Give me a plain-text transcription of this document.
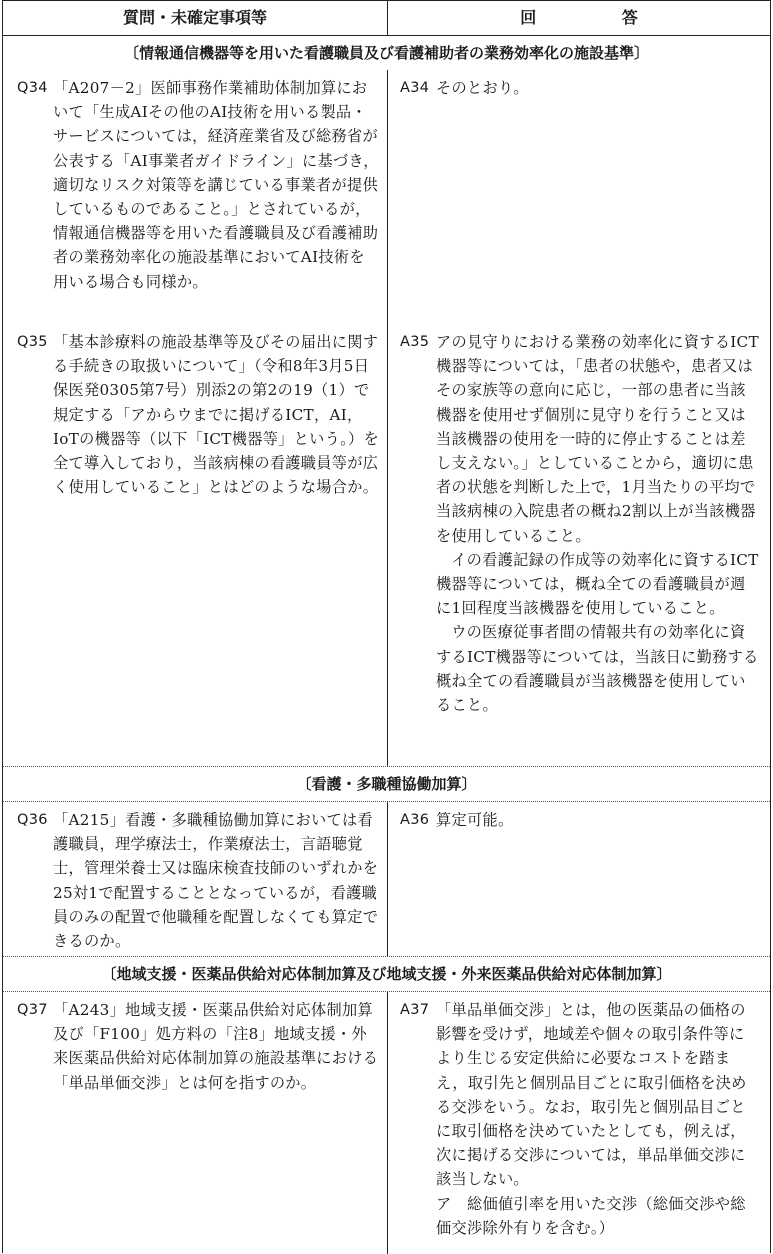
質問・未確定事項等	回 答
〔情報通信機器等を用いた看護職員及び看護補助者の業務効率化の施設基準〕
Q34 「A207－2」医師事務作業補助体制加算において「生成AIその他のAI技術を用いる製品・サービスについては，経済産業省及び総務省が公表する「AI事業者ガイドライン」に基づき，適切なリスク対策等を講じている事業者が提供しているものであること。」とされているが，情報通信機器等を用いた看護職員及び看護補助者の業務効率化の施設基準においてAI技術を用いる場合も同様か。
A34 そのとおり。
Q35 「基本診療料の施設基準等及びその届出に関する手続きの取扱いについて」（令和8年3月5日保医発0305第7号）別添2の第2の19（1）で規定する「アからウまでに掲げるICT，AI，IoTの機器等（以下「ICT機器等」という。）を全て導入しており，当該病棟の看護職員等が広く使用していること」とはどのような場合か。
A35 アの見守りにおける業務の効率化に資するICT機器等については，「患者の状態や，患者又はその家族等の意向に応じ，一部の患者に当該機器を使用せず個別に見守りを行うこと又は当該機器の使用を一時的に停止することは差し支えない。」としていることから，適切に患者の状態を判断した上で，1月当たりの平均で当該病棟の入院患者の概ね2割以上が当該機器を使用していること。
イの看護記録の作成等の効率化に資するICT機器等については，概ね全ての看護職員が週に1回程度当該機器を使用していること。
ウの医療従事者間の情報共有の効率化に資するICT機器等については，当該日に勤務する概ね全ての看護職員が当該機器を使用していること。
〔看護・多職種協働加算〕
Q36 「A215」看護・多職種協働加算においては看護職員，理学療法士，作業療法士，言語聴覚士，管理栄養士又は臨床検査技師のいずれかを25対1で配置することとなっているが，看護職員のみの配置で他職種を配置しなくても算定できるのか。
A36 算定可能。
〔地域支援・医薬品供給対応体制加算及び地域支援・外来医薬品供給対応体制加算〕
Q37 「A243」地域支援・医薬品供給対応体制加算及び「F100」処方料の「注8」地域支援・外来医薬品供給対応体制加算の施設基準における「単品単価交渉」とは何を指すのか。
A37 「単品単価交渉」とは，他の医薬品の価格の影響を受けず，地域差や個々の取引条件等により生じる安定供給に必要なコストを踏まえ，取引先と個別品目ごとに取引価格を決める交渉をいう。なお，取引先と個別品目ごとに取引価格を決めていたとしても，例えば，次に掲げる交渉については，単品単価交渉に該当しない。
ア　総価値引率を用いた交渉（総価交渉や総価交渉除外有りを含む。）
